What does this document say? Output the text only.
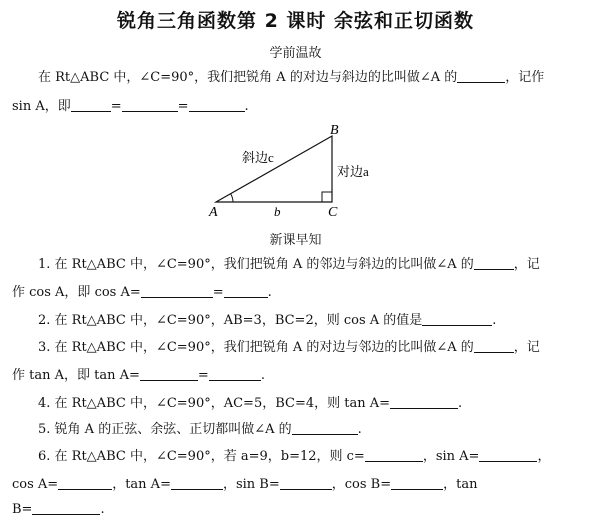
锐角三角函数第 2 课时 余弦和正切函数
学前温故
在 Rt△ABC 中，∠C=90°，我们把锐角 A 的对边与斜边的比叫做∠A 的	，记作
sin A，即	=	=	.
A
B
C
b
斜边c
对边a
新课早知
1. 在 Rt△ABC 中，∠C=90°，我们把锐角 A 的邻边与斜边的比叫做∠A 的	，记
作 cos A，即 cos A=	=	.
2. 在 Rt△ABC 中，∠C=90°，AB=3，BC=2，则 cos A 的值是	.
3. 在 Rt△ABC 中，∠C=90°，我们把锐角 A 的对边与邻边的比叫做∠A 的	，记
作 tan A，即 tan A=	=	.
4. 在 Rt△ABC 中，∠C=90°，AC=5，BC=4，则 tan A=	.
5. 锐角 A 的正弦、余弦、正切都叫做∠A 的	.
6. 在 Rt△ABC 中，∠C=90°，若 a=9，b=12，则 c=	，sin A=	，
cos A=	，tan A=	，sin B=	，cos B=	，tan
B=	.
